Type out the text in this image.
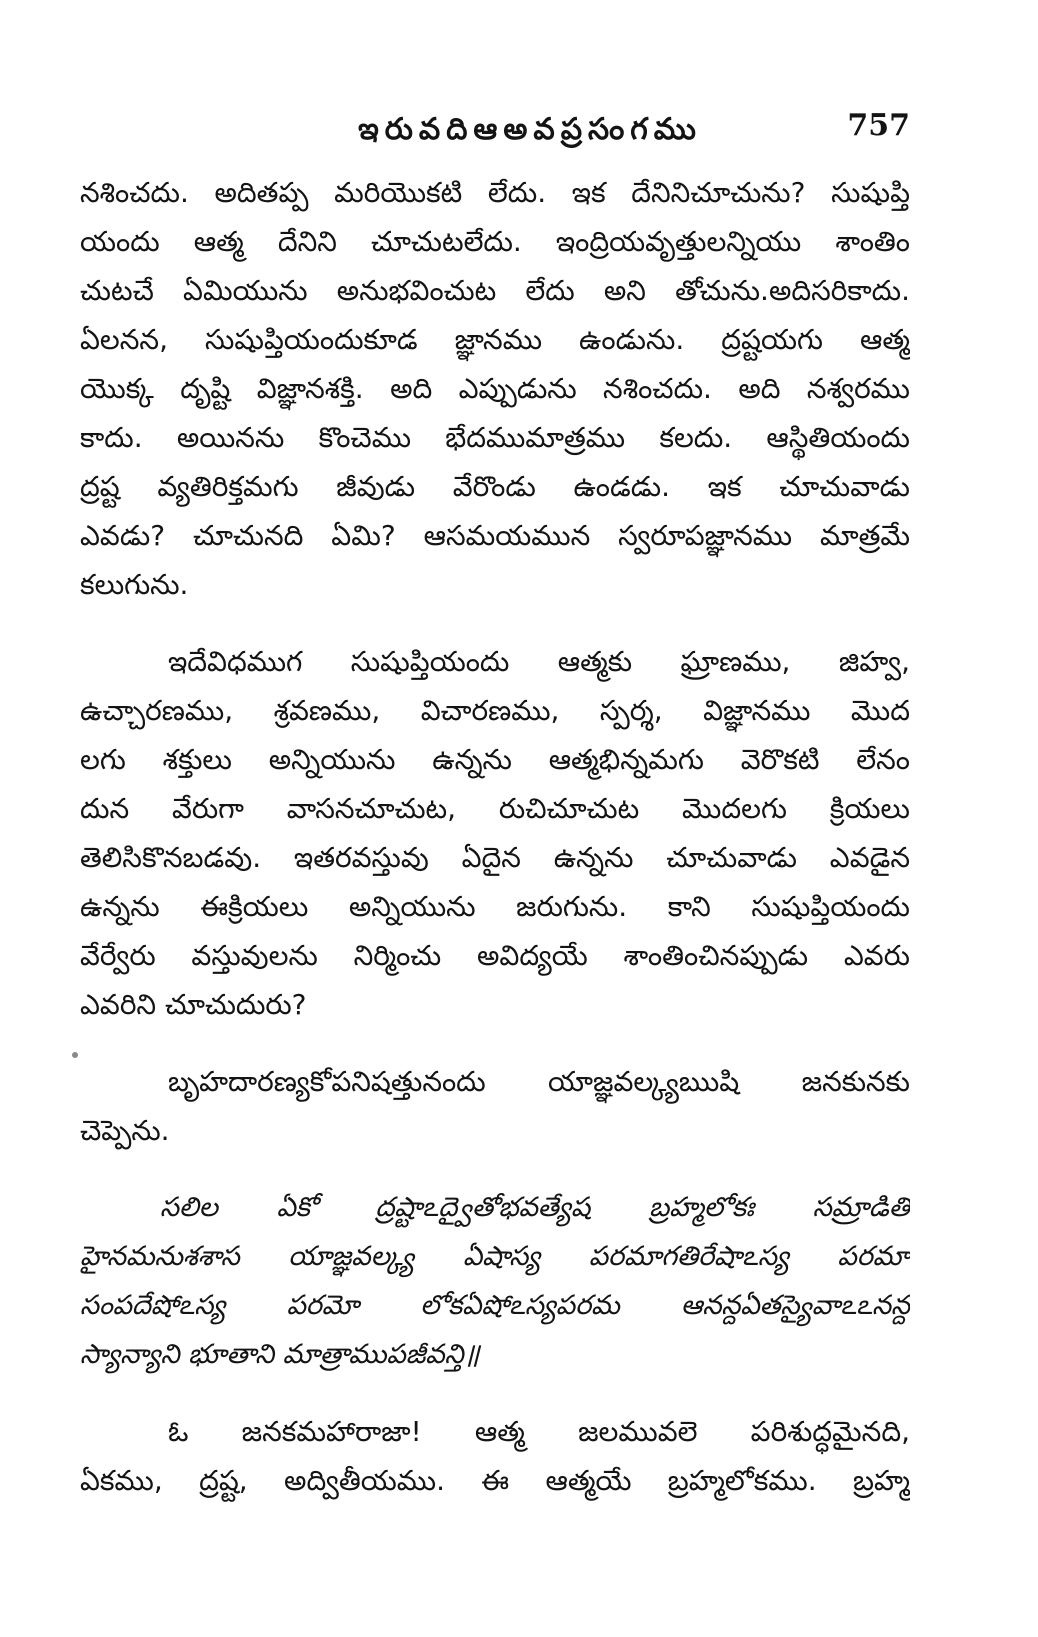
ఇరువదిఆఅవప్రసంగము	757
నశించదు. అదితప్ప మరియొకటి లేదు. ఇక దేనినిచూచును? సుషుప్తి
యందు ఆత్మ దేనిని చూచుటలేదు. ఇంద్రియవృత్తులన్నియు శాంతిం
చుటచే ఏమియును అనుభవించుట లేదు అని తోచును.అదిసరికాదు.
ఏలనన, సుషుప్తియందుకూడ జ్ఞానము ఉండును. ద్రష్టయగు ఆత్మ
యొక్క దృష్టి విజ్ఞానశక్తి. అది ఎప్పుడును నశించదు. అది నశ్వరము
కాదు. అయినను కొంచెము భేదముమాత్రము కలదు. ఆస్థితియందు
ద్రష్ట వ్యతిరిక్తమగు జీవుడు వేరొండు ఉండడు. ఇక చూచువాడు
ఎవడు? చూచునది ఏమి? ఆసమయమున స్వరూపజ్ఞానము మాత్రమే
కలుగును.
ఇదేవిధముగ సుషుప్తియందు ఆత్మకు ఘ్రాణము, జిహ్వ,
ఉచ్చారణము, శ్రవణము, విచారణము, స్పర్శ, విజ్ఞానము మొద
లగు శక్తులు అన్నియును ఉన్నను ఆత్మభిన్నమగు వెరొకటి లేనం
దున వేరుగా వాసనచూచుట, రుచిచూచుట మొదలగు క్రియలు
తెలిసికొనబడవు. ఇతరవస్తువు ఏదైన ఉన్నను చూచువాడు ఎవడైన
ఉన్నను ఈక్రియలు అన్నియును జరుగును. కాని సుషుప్తియందు
వేర్వేరు వస్తువులను నిర్మించు అవిద్యయే శాంతించినప్పుడు ఎవరు
ఎవరిని చూచుదురు?
బృహదారణ్యకోపనిషత్తునందు యాజ్ఞవల్క్యఋషి జనకునకు
చెప్పెను.
సలిల ఏకో ద్రష్టాఽద్వైతోభవత్యేష బ్రహ్మలోకః సమ్రాడితి
హైనమనుశశాస యాజ్ఞవల్క్య ఏషాస్య పరమాగతిరేషాఽస్య పరమా
సంపదేషోఽస్య పరమో లోకఏషోఽస్యపరమ ఆనన్దఏతస్యైవాఽఽనన్ద
స్యాన్యాని భూతాని మాత్రాముపజీవన్తి॥
ఓ జనకమహారాజా! ఆత్మ జలమువలె పరిశుద్ధమైనది,
ఏకము, ద్రష్ట, అద్వితీయము. ఈ ఆత్మయే బ్రహ్మలోకము. బ్రహ్మ
